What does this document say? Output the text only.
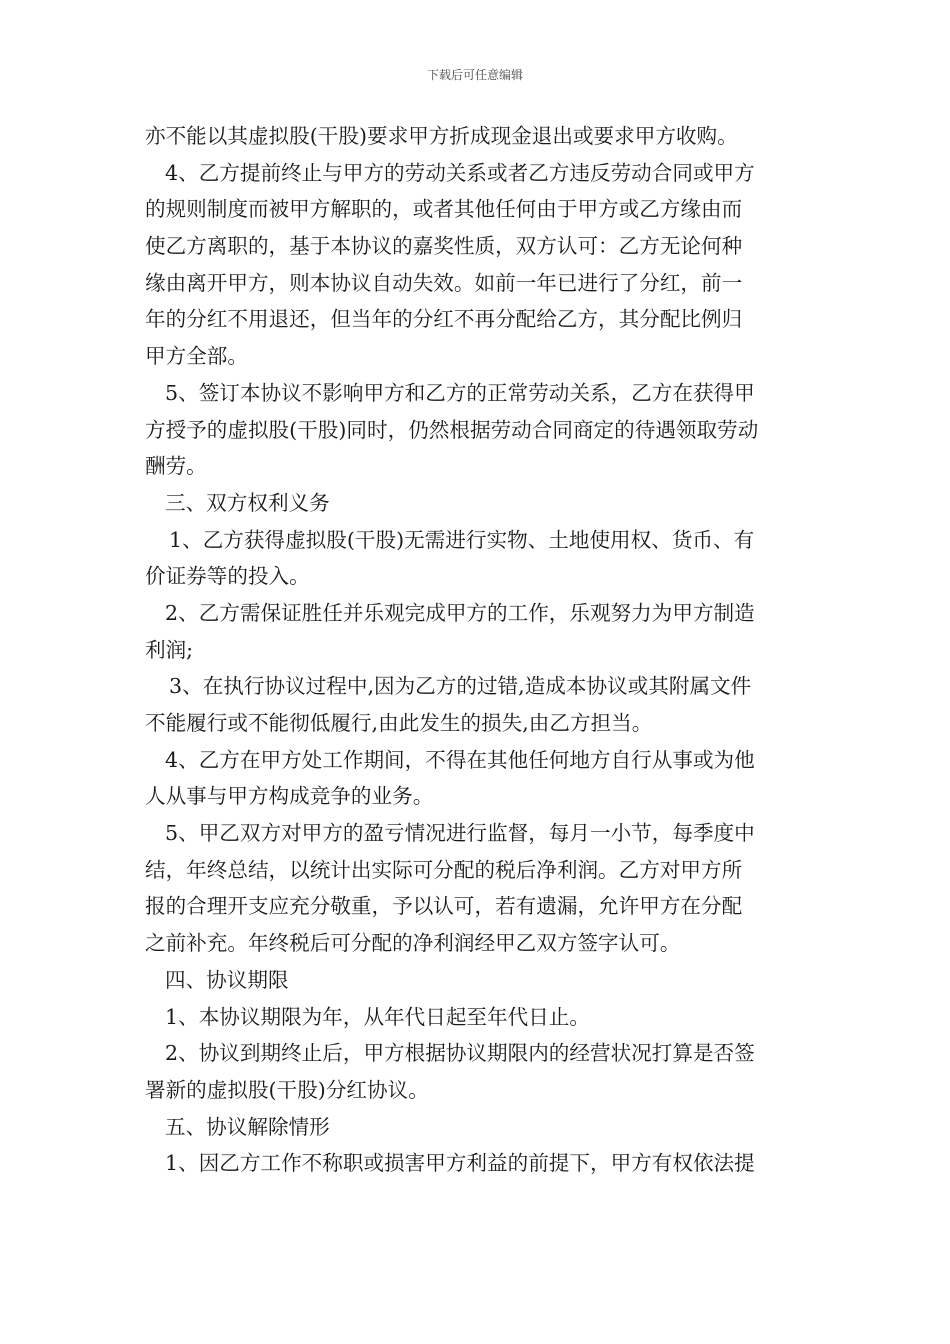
下载后可任意编辑
亦不能以其虚拟股(干股)要求甲方折成现金退出或要求甲方收购。
4、乙方提前终止与甲方的劳动关系或者乙方违反劳动合同或甲方
的规则制度而被甲方解职的，或者其他任何由于甲方或乙方缘由而
使乙方离职的，基于本协议的嘉奖性质，双方认可：乙方无论何种
缘由离开甲方，则本协议自动失效。如前一年已进行了分红，前一
年的分红不用退还，但当年的分红不再分配给乙方，其分配比例归
甲方全部。
5、签订本协议不影响甲方和乙方的正常劳动关系，乙方在获得甲
方授予的虚拟股(干股)同时，仍然根据劳动合同商定的待遇领取劳动
酬劳。
三、双方权利义务
1、乙方获得虚拟股(干股)无需进行实物、土地使用权、货币、有
价证券等的投入。
2、乙方需保证胜任并乐观完成甲方的工作，乐观努力为甲方制造
利润;
3、在执行协议过程中,因为乙方的过错,造成本协议或其附属文件
不能履行或不能彻低履行,由此发生的损失,由乙方担当。
4、乙方在甲方处工作期间，不得在其他任何地方自行从事或为他
人从事与甲方构成竞争的业务。
5、甲乙双方对甲方的盈亏情况进行监督，每月一小节，每季度中
结，年终总结，以统计出实际可分配的税后净利润。乙方对甲方所
报的合理开支应充分敬重，予以认可，若有遗漏，允许甲方在分配
之前补充。年终税后可分配的净利润经甲乙双方签字认可。
四、协议期限
1、本协议期限为年，从年代日起至年代日止。
2、协议到期终止后，甲方根据协议期限内的经营状况打算是否签
署新的虚拟股(干股)分红协议。
五、协议解除情形
1、因乙方工作不称职或损害甲方利益的前提下，甲方有权依法提
